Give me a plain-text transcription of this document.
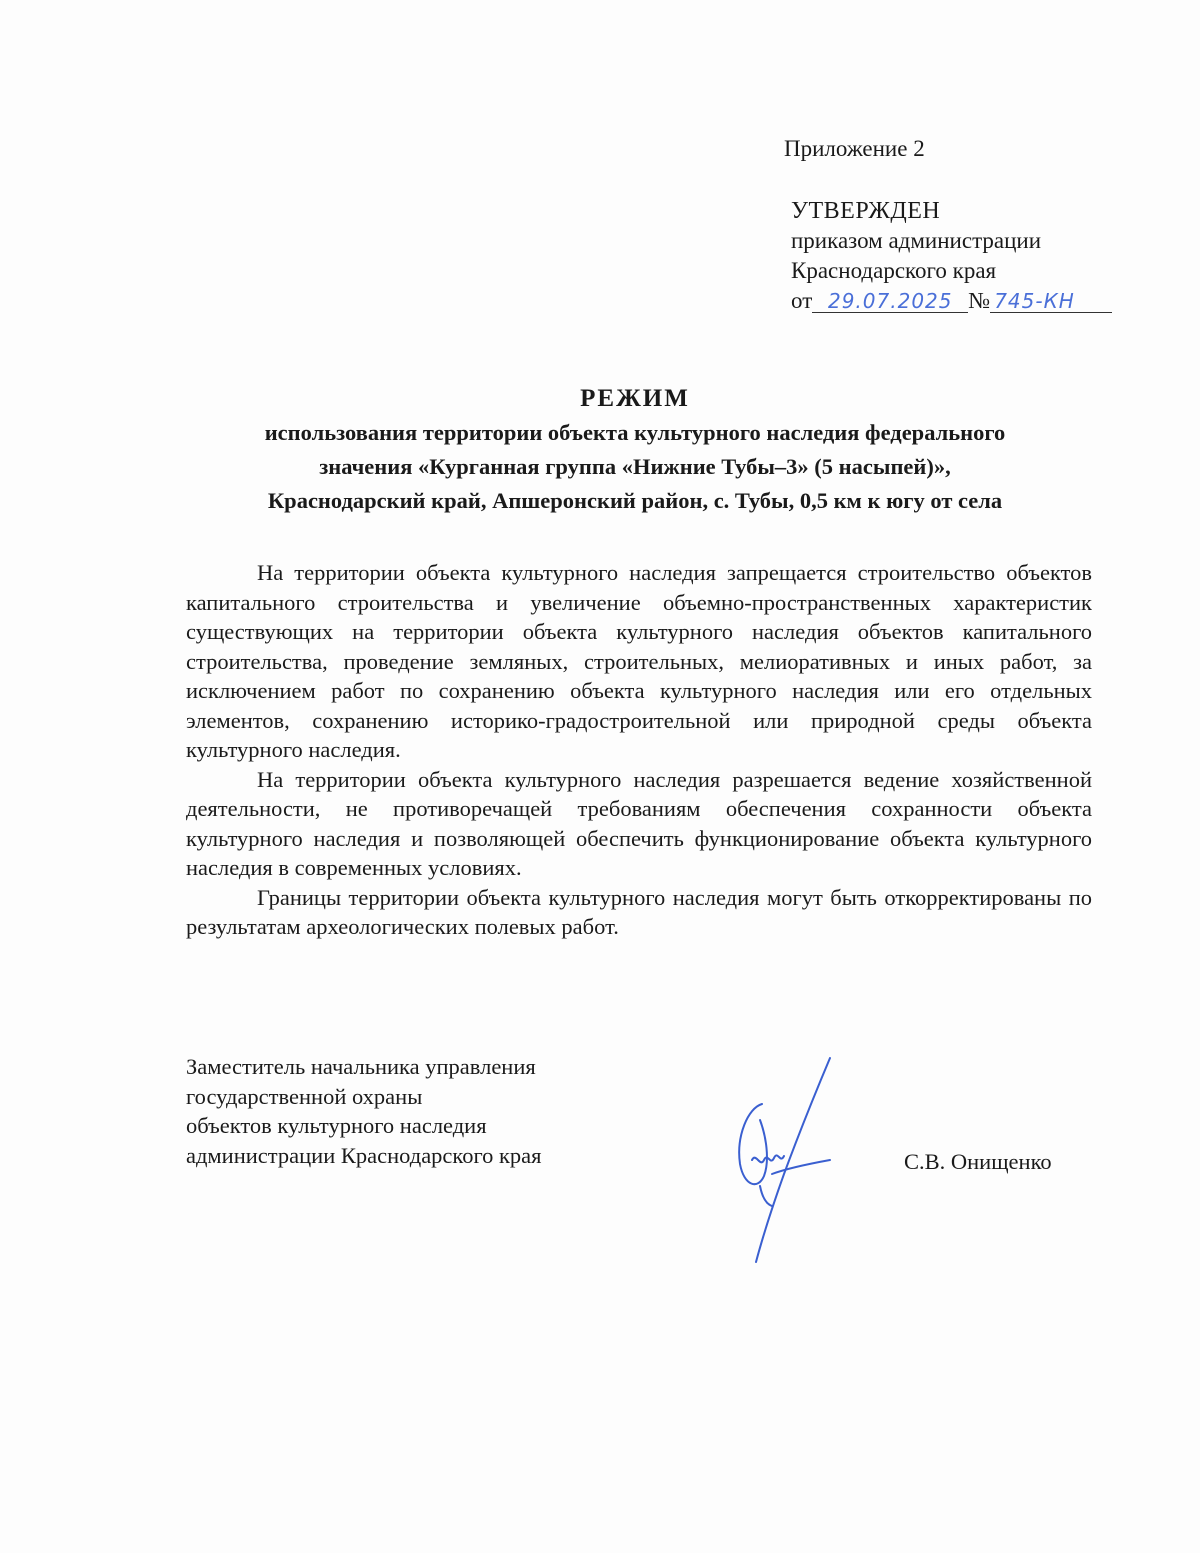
Приложение 2
УТВЕРЖДЕН
приказом администрации
Краснодарского края
от 29.07.2025 № 745-КН
РЕЖИМ
использования территории объекта культурного наследия федерального
значения «Курганная группа «Нижние Тубы–3» (5 насыпей)»,
Краснодарский край, Апшеронский район, с. Тубы, 0,5 км к югу от села

На территории объекта культурного наследия запрещается строительство объектов капитального строительства и увеличение объемно-пространственных характеристик существующих на территории объекта культурного наследия объектов капитального строительства, проведение земляных, строительных, мелиоративных и иных работ, за исключением работ по сохранению объекта культурного наследия или его отдельных элементов, сохранению историко-градостроительной или природной среды объекта культурного наследия.

На территории объекта культурного наследия разрешается ведение хозяйственной деятельности, не противоречащей требованиям обеспечения сохранности объекта культурного наследия и позволяющей обеспечить функционирование объекта культурного наследия в современных условиях.

Границы территории объекта культурного наследия могут быть откорректированы по результатам археологических полевых работ.

Заместитель начальника управления
государственной охраны
объектов культурного наследия
администрации Краснодарского края	С.В. Онищенко
